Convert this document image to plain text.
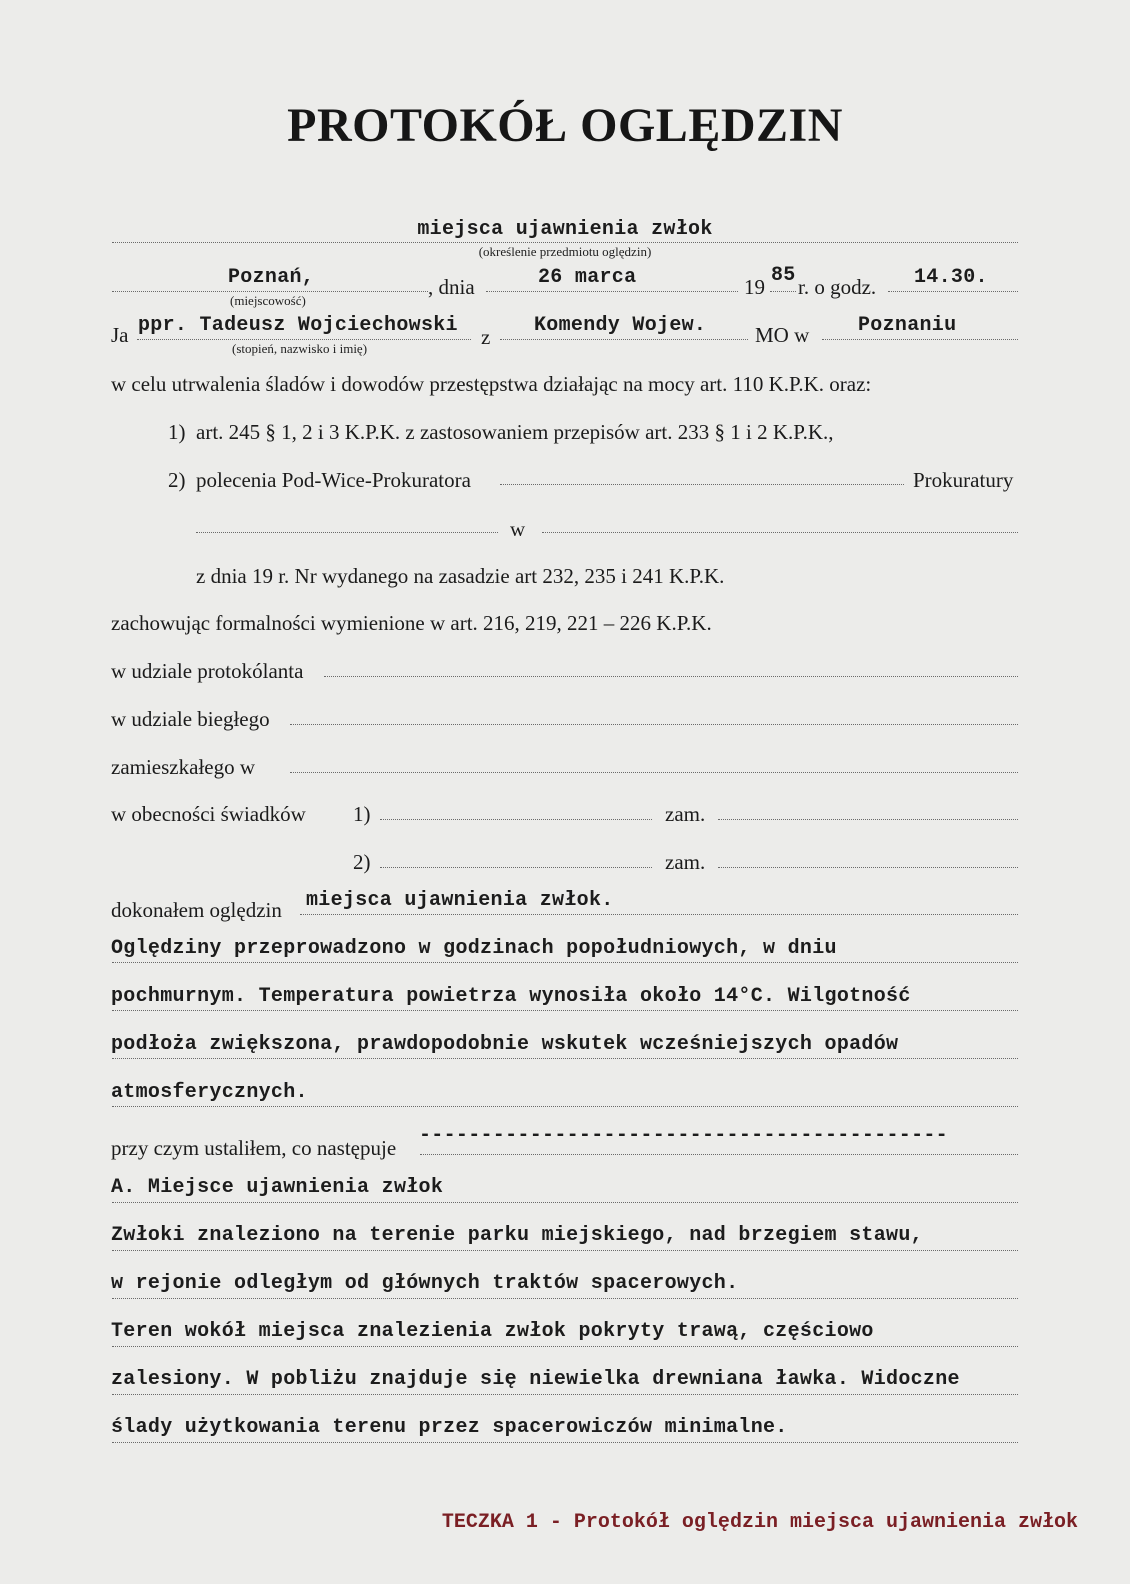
PROTOKÓŁ OGLĘDZIN
miejsca ujawnienia zwłok
(określenie przedmiotu oględzin)
Poznań,
(miejscowość)
, dnia	26 marca	19 85 r. o godz. 14.30.
Ja ppr. Tadeusz Wojciechowski
(stopień, nazwisko i imię)	z Komendy Wojew. MO w Poznaniu
w celu utrwalenia śladów i dowodów przestępstwa działając na mocy art. 110 K.P.K. oraz:
1) art. 245 § 1, 2 i 3 K.P.K. z zastosowaniem przepisów art. 233 § 1 i 2 K.P.K.,
2) polecenia Pod-Wice-Prokuratora	Prokuratury
w
z dnia 19 r. Nr wydanego na zasadzie art 232, 235 i 241 K.P.K.
zachowując formalności wymienione w art. 216, 219, 221 – 226 K.P.K.
w udziale protokólanta
w udziale biegłego
zamieszkałego w
w obecności świadków 1)	zam.
2)	zam.
dokonałem oględzin miejsca ujawnienia zwłok.
Oględziny przeprowadzono w godzinach popołudniowych, w dniu
pochmurnym. Temperatura powietrza wynosiła około 14°C. Wilgotność
podłoża zwiększona, prawdopodobnie wskutek wcześniejszych opadów
atmosferycznych.
przy czym ustaliłem, co następuje
-------------------------------------------
A. Miejsce ujawnienia zwłok
Zwłoki znaleziono na terenie parku miejskiego, nad brzegiem stawu,
w rejonie odległym od głównych traktów spacerowych.
Teren wokół miejsca znalezienia zwłok pokryty trawą, częściowo
zalesiony. W pobliżu znajduje się niewielka drewniana ławka. Widoczne
ślady użytkowania terenu przez spacerowiczów minimalne.
TECZKA 1 - Protokół oględzin miejsca ujawnienia zwłok
